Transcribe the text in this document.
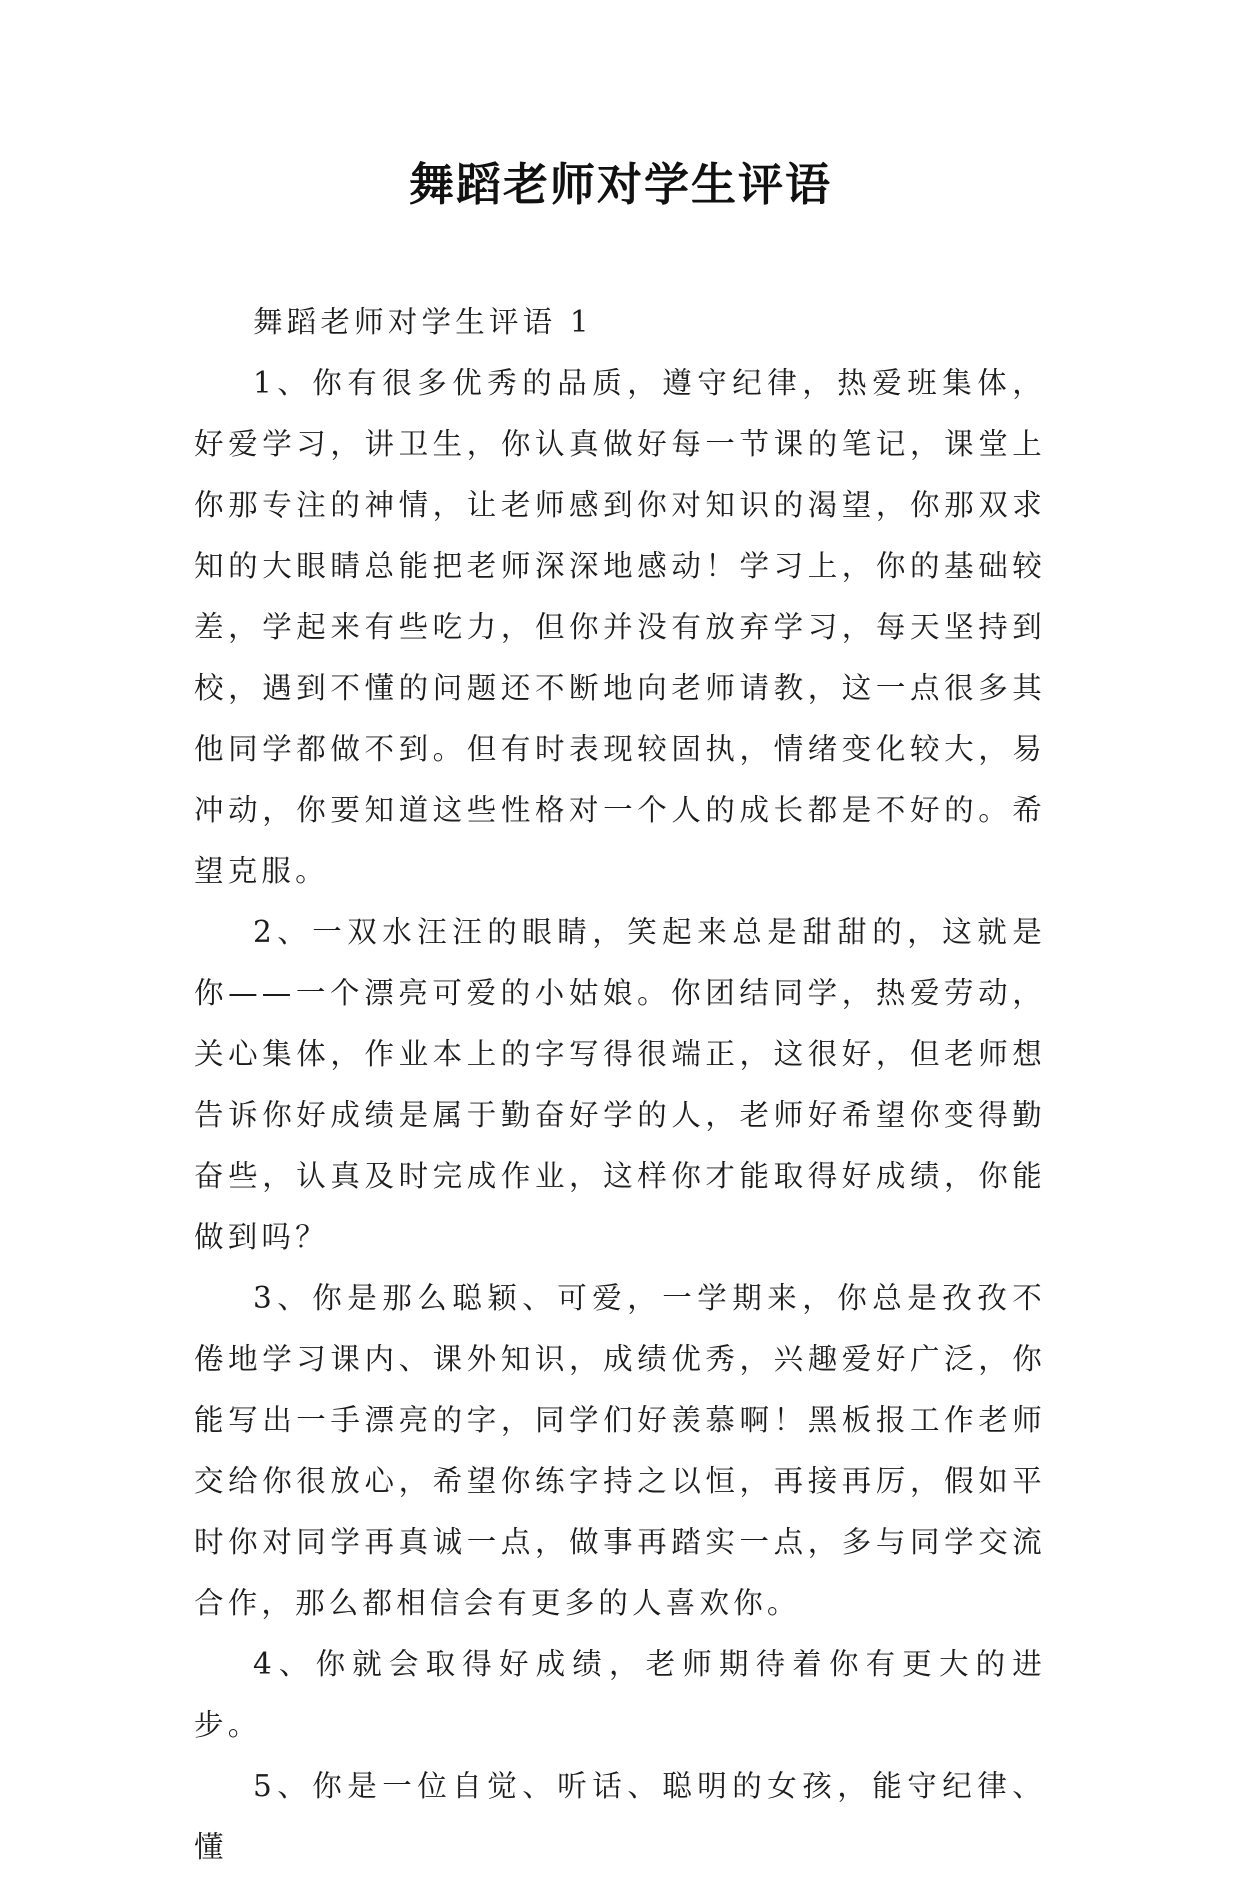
舞蹈老师对学生评语

舞蹈老师对学生评语 1

1、你有很多优秀的品质，遵守纪律，热爱班集体，好爱学习，讲卫生，你认真做好每一节课的笔记，课堂上你那专注的神情，让老师感到你对知识的渴望，你那双求知的大眼睛总能把老师深深地感动！学习上，你的基础较差，学起来有些吃力，但你并没有放弃学习，每天坚持到校，遇到不懂的问题还不断地向老师请教，这一点很多其他同学都做不到。但有时表现较固执，情绪变化较大，易冲动，你要知道这些性格对一个人的成长都是不好的。希望克服。

2、一双水汪汪的眼睛，笑起来总是甜甜的，这就是你——一个漂亮可爱的小姑娘。你团结同学，热爱劳动，关心集体，作业本上的字写得很端正，这很好，但老师想告诉你好成绩是属于勤奋好学的人，老师好希望你变得勤奋些，认真及时完成作业，这样你才能取得好成绩，你能做到吗？

3、你是那么聪颖、可爱，一学期来，你总是孜孜不倦地学习课内、课外知识，成绩优秀，兴趣爱好广泛，你能写出一手漂亮的字，同学们好羡慕啊！黑板报工作老师交给你很放心，希望你练字持之以恒，再接再厉，假如平时你对同学再真诚一点，做事再踏实一点，多与同学交流合作，那么都相信会有更多的人喜欢你。

4、你就会取得好成绩，老师期待着你有更大的进步。

5、你是一位自觉、听话、聪明的女孩，能守纪律、懂
